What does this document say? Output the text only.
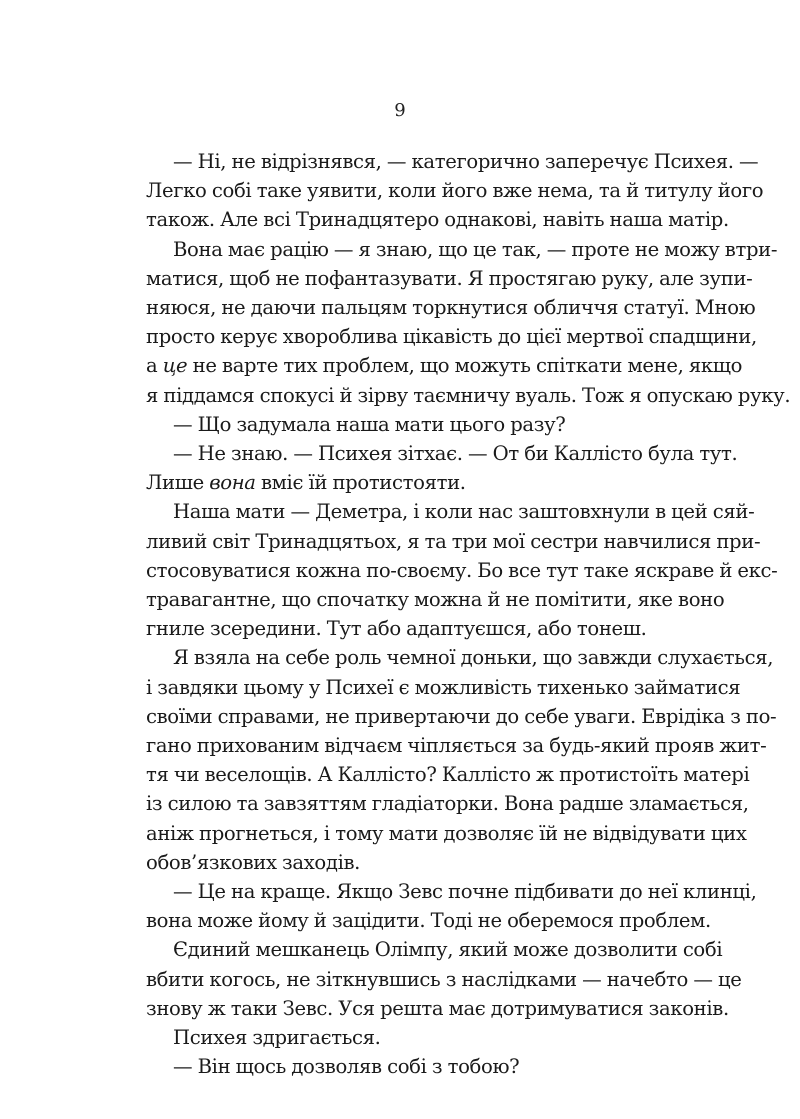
9
— Ні, не відрізнявся, — категорично заперечує Психея. —
Легко собі таке уявити, коли його вже нема, та й титулу його
також. Але всі Тринадцятеро однакові, навіть наша матір.
Вона має рацію — я знаю, що це так, — проте не можу втри-
матися, щоб не пофантазувати. Я простягаю руку, але зупи-
няюся, не даючи пальцям торкнутися обличчя статуї. Мною
просто керує хвороблива цікавість до цієї мертвої спадщини,
а це не варте тих проблем, що можуть спіткати мене, якщо
я піддамся спокусі й зірву таємничу вуаль. Тож я опускаю руку.
— Що задумала наша мати цього разу?
— Не знаю. — Психея зітхає. — От би Каллісто була тут.
Лише вона вміє їй протистояти.
Наша мати — Деметра, і коли нас заштовхнули в цей сяй-
ливий світ Тринадцятьох, я та три мої сестри навчилися при-
стосовуватися кожна по-своєму. Бо все тут таке яскраве й екс-
травагантне, що спочатку можна й не помітити, яке воно
гниле зсередини. Тут або адаптуєшся, або тонеш.
Я взяла на себе роль чемної доньки, що завжди слухається,
і завдяки цьому у Психеї є можливість тихенько займатися
своїми справами, не привертаючи до себе уваги. Еврідіка з по-
гано прихованим відчаєм чіпляється за будь-який прояв жит-
тя чи веселощів. А Каллісто? Каллісто ж протистоїть матері
із силою та завзяттям гладіаторки. Вона радше зламається,
аніж прогнеться, і тому мати дозволяє їй не відвідувати цих
обов’язкових заходів.
— Це на краще. Якщо Зевс почне підбивати до неї клинці,
вона може йому й зацідити. Тоді не оберемося проблем.
Єдиний мешканець Олімпу, який може дозволити собі
вбити когось, не зіткнувшись з наслідками — начебто — це
знову ж таки Зевс. Уся решта має дотримуватися законів.
Психея здригається.
— Він щось дозволяв собі з тобою?
